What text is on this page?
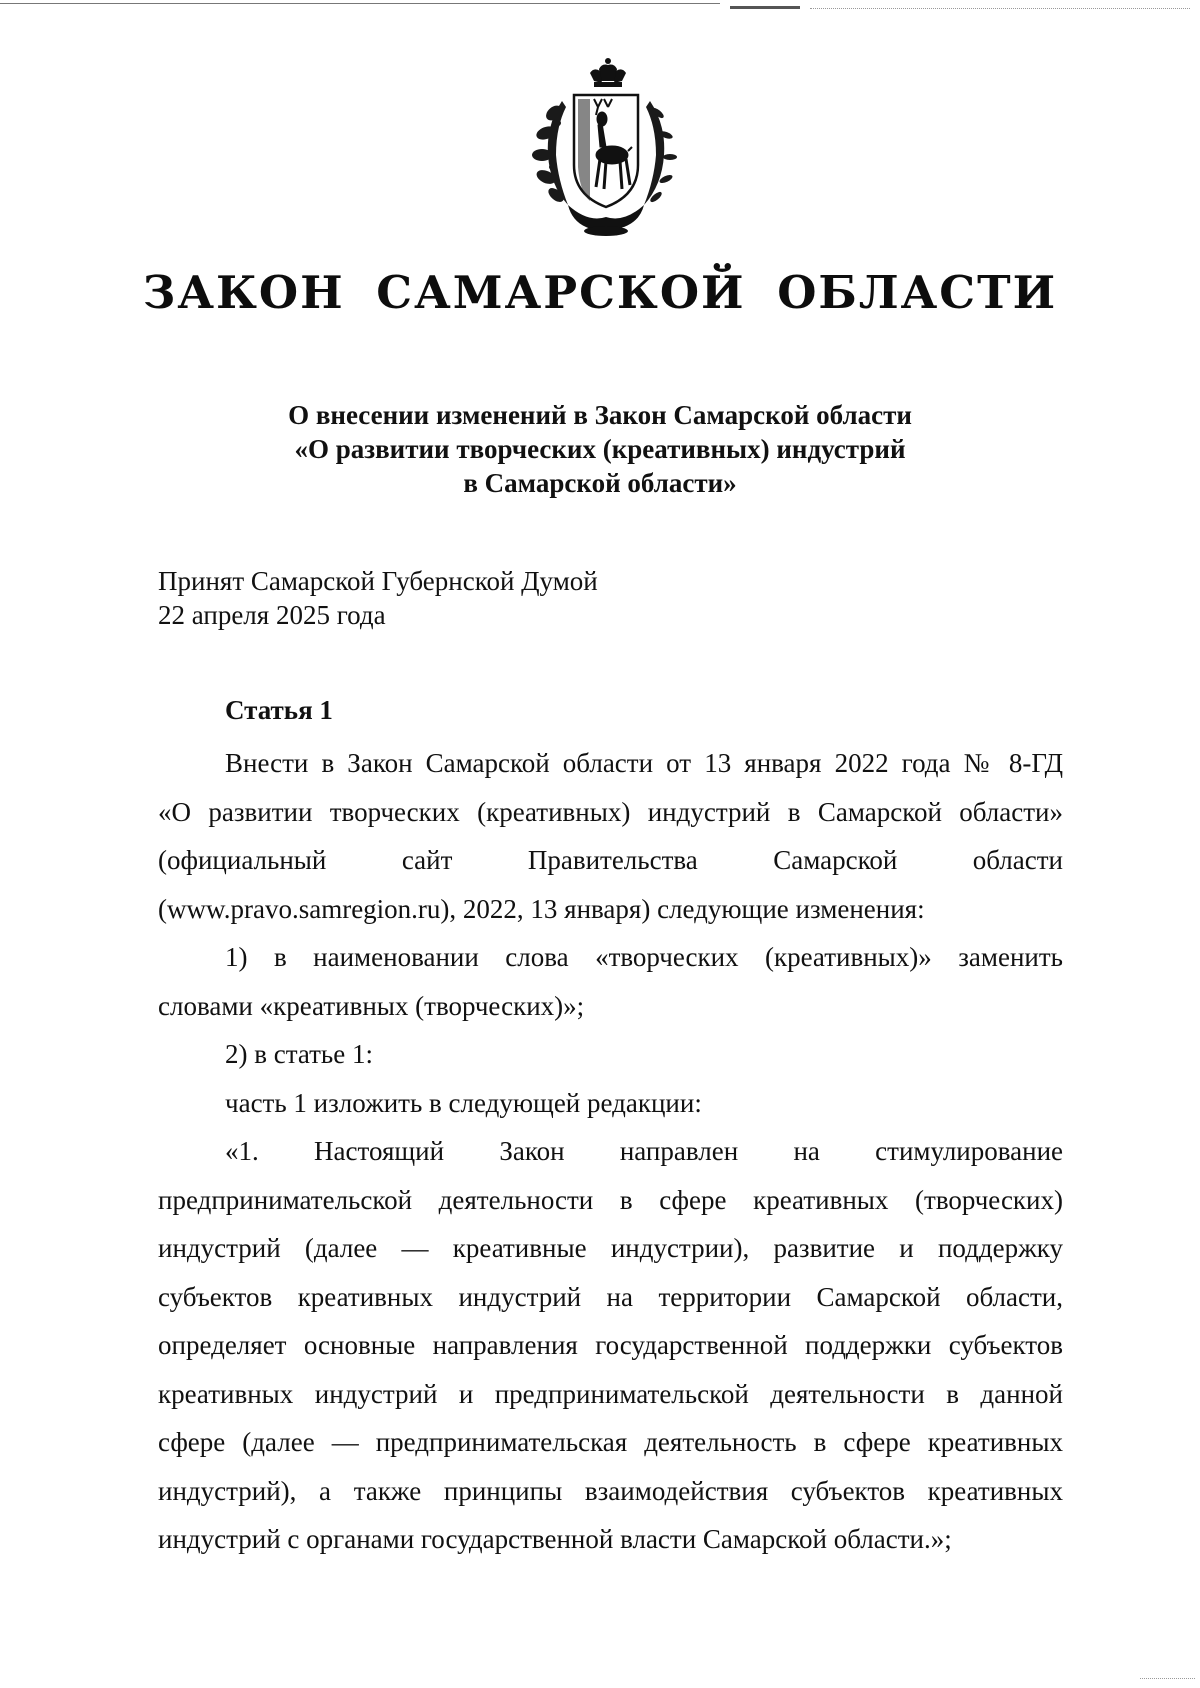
ЗАКОН САМАРСКОЙ ОБЛАСТИ
О внесении изменений в Закон Самарской области
«О развитии творческих (креативных) индустрий
в Самарской области»
Принят Самарской Губернской Думой
22 апреля 2025 года
Статья 1
Внести в Закон Самарской области от 13 января 2022 года № 8-ГД
«О развитии творческих (креативных) индустрий в Самарской области»
(официальный сайт Правительства Самарской области
(www.pravo.samregion.ru), 2022, 13 января) следующие изменения:
1) в наименовании слова «творческих (креативных)» заменить
словами «креативных (творческих)»;
2) в статье 1:
часть 1 изложить в следующей редакции:
«1. Настоящий Закон направлен на стимулирование
предпринимательской деятельности в сфере креативных (творческих)
индустрий (далее — креативные индустрии), развитие и поддержку
субъектов креативных индустрий на территории Самарской области,
определяет основные направления государственной поддержки субъектов
креативных индустрий и предпринимательской деятельности в данной
сфере (далее — предпринимательская деятельность в сфере креативных
индустрий), а также принципы взаимодействия субъектов креативных
индустрий с органами государственной власти Самарской области.»;
